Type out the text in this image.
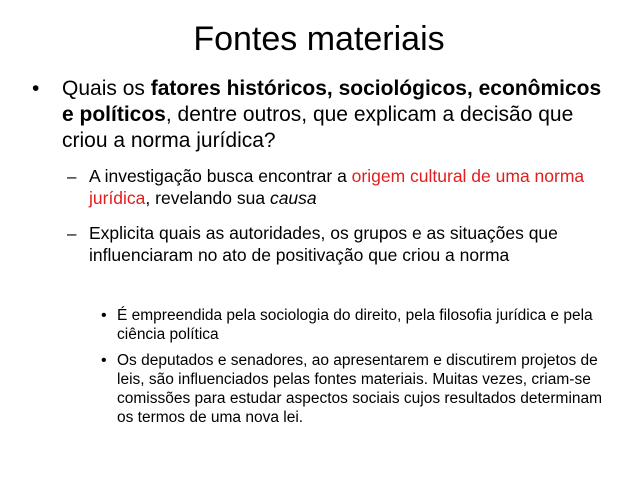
Fontes materiais
• Quais os fatores históricos, sociológicos, econômicos e políticos, dentre outros, que explicam a decisão que criou a norma jurídica?
– A investigação busca encontrar a origem cultural de uma norma jurídica, revelando sua causa
– Explicita quais as autoridades, os grupos e as situações que influenciaram no ato de positivação que criou a norma
• É empreendida pela sociologia do direito, pela filosofia jurídica e pela ciência política
• Os deputados e senadores, ao apresentarem e discutirem projetos de leis, são influenciados pelas fontes materiais. Muitas vezes, criam-se comissões para estudar aspectos sociais cujos resultados determinam os termos de uma nova lei.
